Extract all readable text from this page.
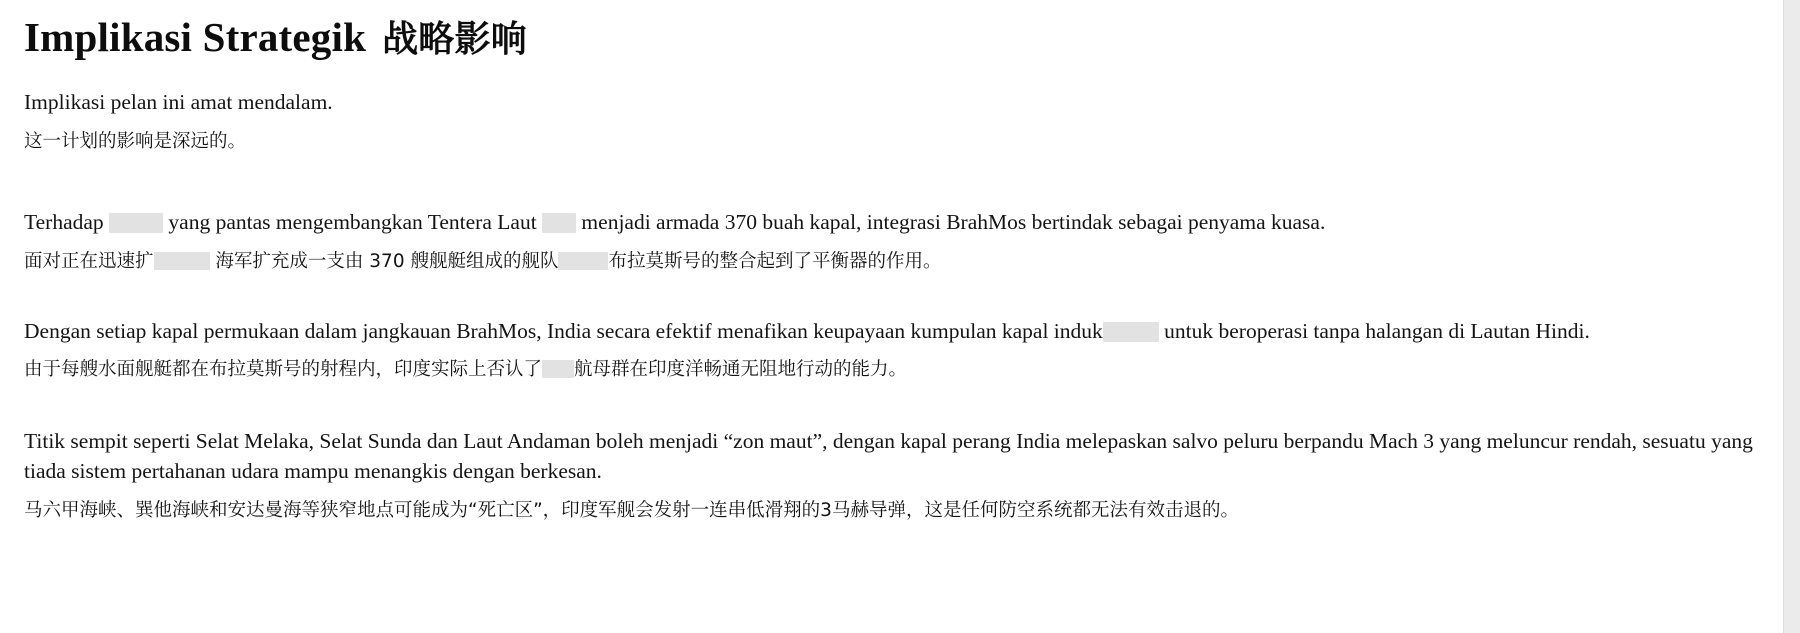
Implikasi Strategik 战略影响

Implikasi pelan ini amat mendalam.

这一计划的影响是深远的。

Terhadap	yang pantas mengembangkan Tentera Laut menjadi armada 370 buah kapal, integrasi BrahMos bertindak sebagai penyama kuasa.

面对正在迅速扩	海军扩充成一支由 370 艘舰艇组成的舰队	布拉莫斯号的整合起到了平衡器的作用。

Dengan setiap kapal permukaan dalam jangkauan BrahMos, India secara efektif menafikan keupayaan kumpulan kapal induk	untuk beroperasi tanpa halangan di Lautan Hindi.

由于每艘水面舰艇都在布拉莫斯号的射程内，印度实际上否认了 航母群在印度洋畅通无阻地行动的能力。

Titik sempit seperti Selat Melaka, Selat Sunda dan Laut Andaman boleh menjadi “zon maut”, dengan kapal perang India melepaskan salvo peluru berpandu Mach 3 yang meluncur rendah, sesuatu yang tiada sistem pertahanan udara mampu menangkis dengan berkesan.

马六甲海峡、巽他海峡和安达曼海等狭窄地点可能成为“死亡区”，印度军舰会发射一连串低滑翔的3马赫导弹，这是任何防空系统都无法有效击退的。
